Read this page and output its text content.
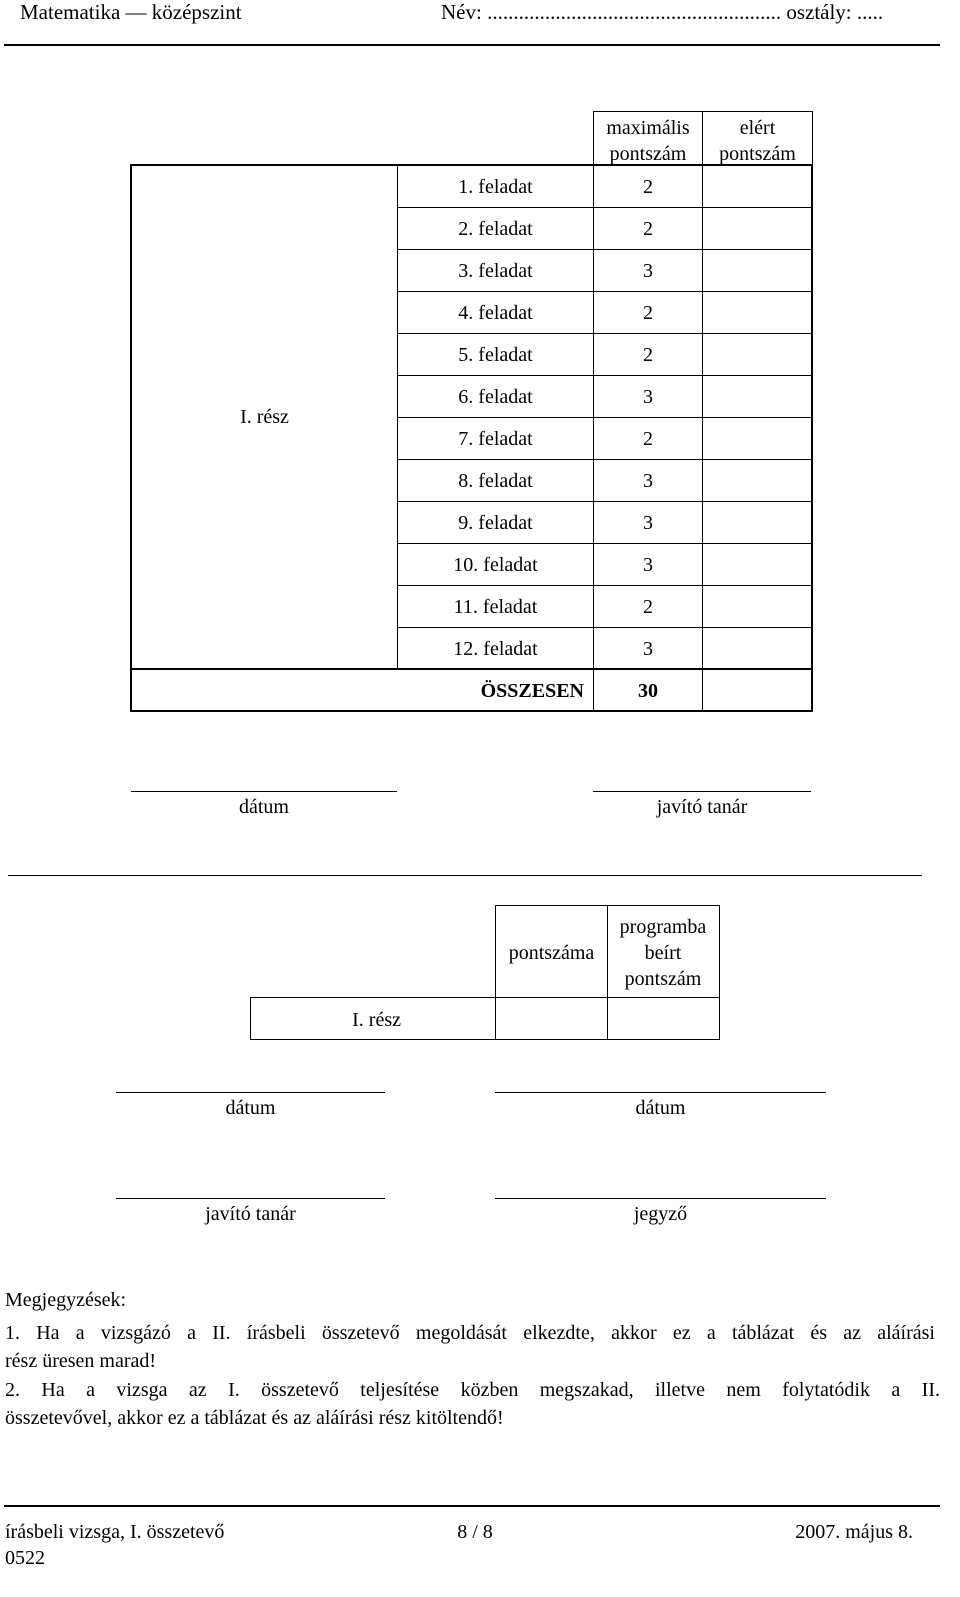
Matematika — középszint	Név: ........................................................ osztály: .....
maximális pontszám
elért pontszám
I. rész
1. feladat	2
2. feladat	2
3. feladat	3
4. feladat	2
5. feladat	2
6. feladat	3
7. feladat	2
8. feladat	3
9. feladat	3
10. feladat	3
11. feladat	2
12. feladat	3
ÖSSZESEN	30
dátum	javító tanár
pontszáma
programba beírt pontszám
I. rész
dátum	dátum
javító tanár	jegyző
Megjegyzések:
1. Ha a vizsgázó a II. írásbeli összetevő megoldását elkezdte, akkor ez a táblázat és az aláírási
rész üresen marad!
2. Ha a vizsga az I. összetevő teljesítése közben megszakad, illetve nem folytatódik a II.
összetevővel, akkor ez a táblázat és az aláírási rész kitöltendő!
írásbeli vizsga, I. összetevő
0522
8 / 8	2007. május 8.
